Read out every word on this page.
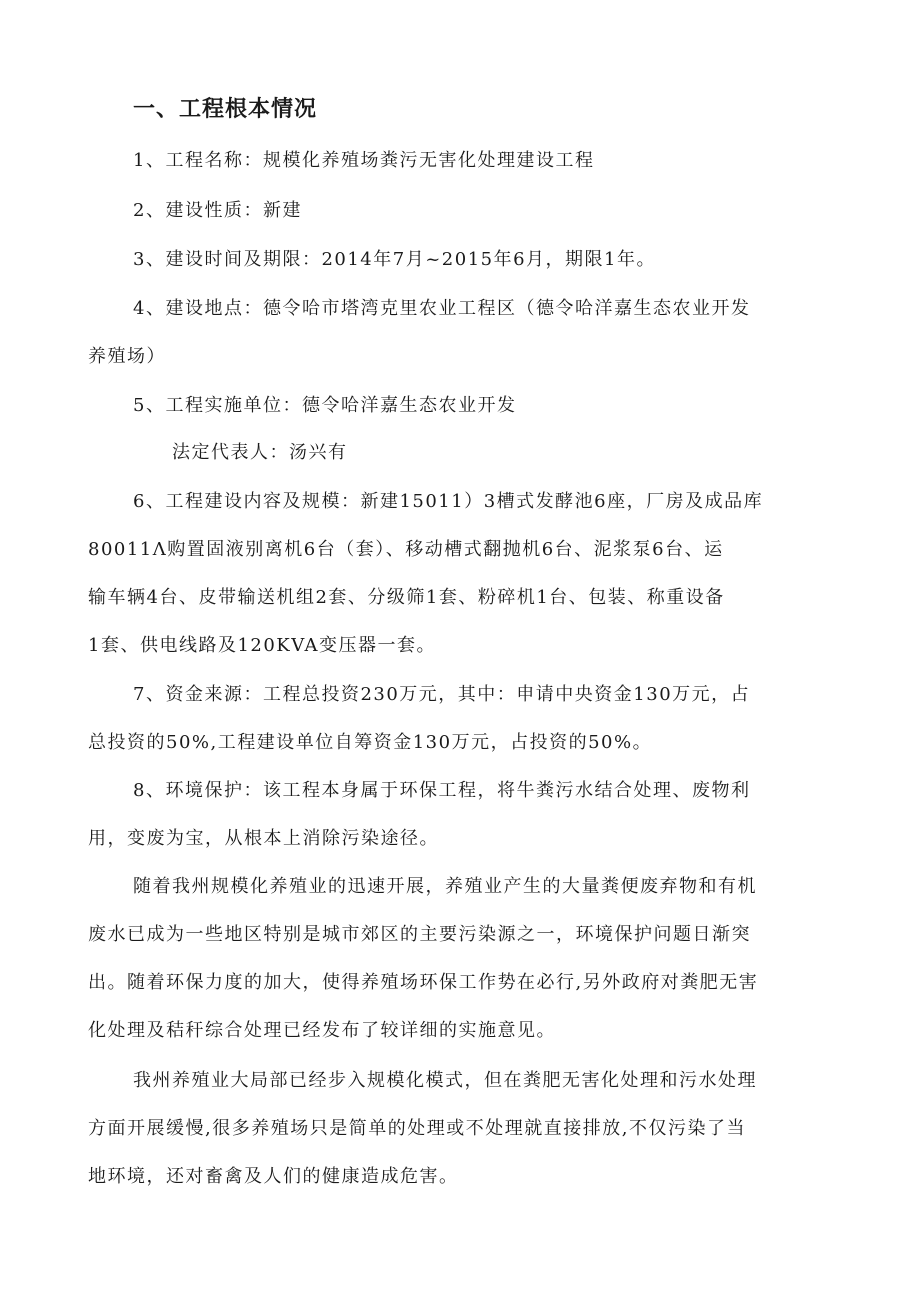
一、工程根本情况
1、工程名称：规模化养殖场粪污无害化处理建设工程
2、建设性质：新建
3、建设时间及期限：2014年7月~2015年6月，期限1年。
4、建设地点：德令哈市塔湾克里农业工程区（德令哈洋嘉生态农业开发
养殖场）
5、工程实施单位：德令哈洋嘉生态农业开发
法定代表人：汤兴有
6、工程建设内容及规模：新建15011）3槽式发酵池6座，厂房及成品库
80011Λ购置固液别离机6台（套）、移动槽式翻抛机6台、泥浆泵6台、运
输车辆4台、皮带输送机组2套、分级筛1套、粉碎机1台、包装、称重设备
1套、供电线路及120KVA变压器一套。
7、资金来源：工程总投资230万元，其中：申请中央资金130万元，占
总投资的50%,工程建设单位自筹资金130万元，占投资的50%。
8、环境保护：该工程本身属于环保工程，将牛粪污水结合处理、废物利
用，变废为宝，从根本上消除污染途径。
随着我州规模化养殖业的迅速开展，养殖业产生的大量粪便废弃物和有机
废水已成为一些地区特别是城市郊区的主要污染源之一，环境保护问题日渐突
出。随着环保力度的加大，使得养殖场环保工作势在必行,另外政府对粪肥无害
化处理及秸秆综合处理已经发布了较详细的实施意见。
我州养殖业大局部已经步入规模化模式，但在粪肥无害化处理和污水处理
方面开展缓慢,很多养殖场只是简单的处理或不处理就直接排放,不仅污染了当
地环境，还对畜禽及人们的健康造成危害。
